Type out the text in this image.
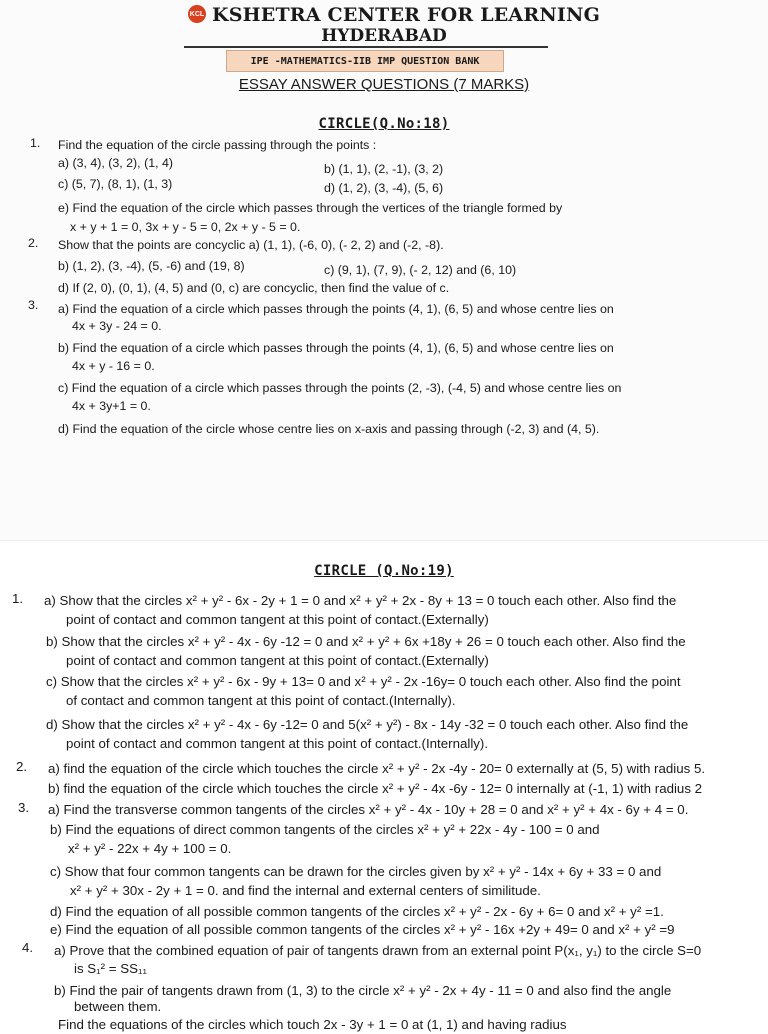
KCL KSHETRA CENTER FOR LEARNING
HYDERABAD
IPE -MATHEMATICS-IIB IMP QUESTION BANK
ESSAY ANSWER QUESTIONS (7 MARKS)
CIRCLE(Q.No:18)
1. Find the equation of the circle passing through the points :
a) (3, 4), (3, 2), (1, 4)	b) (1, 1), (2, -1), (3, 2)
c) (5, 7), (8, 1), (1, 3)	d) (1, 2), (3, -4), (5, 6)
e) Find the equation of the circle which passes through the vertices of the triangle formed by
x + y + 1 = 0, 3x + y - 5 = 0, 2x + y - 5 = 0.
2. Show that the points are concyclic a) (1, 1), (-6, 0), (- 2, 2) and (-2, -8).
b) (1, 2), (3, -4), (5, -6) and (19, 8)	c) (9, 1), (7, 9), (- 2, 12) and (6, 10)
d) If (2, 0), (0, 1), (4, 5) and (0, c) are concyclic, then find the value of c.
3. a) Find the equation of a circle which passes through the points (4, 1), (6, 5) and whose centre lies on
4x + 3y - 24 = 0.
b) Find the equation of a circle which passes through the points (4, 1), (6, 5) and whose centre lies on
4x + y - 16 = 0.
c) Find the equation of a circle which passes through the points (2, -3), (-4, 5) and whose centre lies on
4x + 3y+1 = 0.
d) Find the equation of the circle whose centre lies on x-axis and passing through (-2, 3) and (4, 5).
CIRCLE (Q.No:19)
1.
2.
3.
4.
a) Show that the circles x² + y² - 6x - 2y + 1 = 0 and x² + y² + 2x - 8y + 13 = 0 touch each other. Also find the
point of contact and common tangent at this point of contact.(Externally)
b) Show that the circles x² + y² - 4x - 6y -12 = 0 and x² + y² + 6x +18y + 26 = 0 touch each other. Also find the
point of contact and common tangent at this point of contact.(Externally)
c) Show that the circles x² + y² - 6x - 9y + 13= 0 and x² + y² - 2x -16y= 0 touch each other. Also find the point
of contact and common tangent at this point of contact.(Internally).
d) Show that the circles x² + y² - 4x - 6y -12= 0 and 5(x² + y²) - 8x - 14y -32 = 0 touch each other. Also find the
point of contact and common tangent at this point of contact.(Internally).
a) find the equation of the circle which touches the circle x² + y² - 2x -4y - 20= 0 externally at (5, 5) with radius 5.
b) find the equation of the circle which touches the circle x² + y² - 4x -6y - 12= 0 internally at (-1, 1) with radius 2
a) Find the transverse common tangents of the circles x² + y² - 4x - 10y + 28 = 0 and x² + y² + 4x - 6y + 4 = 0.
b) Find the equations of direct common tangents of the circles x² + y² + 22x - 4y - 100 = 0 and
x² + y² - 22x + 4y + 100 = 0.
c) Show that four common tangents can be drawn for the circles given by x² + y² - 14x + 6y + 33 = 0 and
x² + y² + 30x - 2y + 1 = 0. and find the internal and external centers of similitude.
d) Find the equation of all possible common tangents of the circles x² + y² - 2x - 6y + 6= 0 and x² + y² =1.
e) Find the equation of all possible common tangents of the circles x² + y² - 16x +2y + 49= 0 and x² + y² =9
a) Prove that the combined equation of pair of tangents drawn from an external point P(x₁, y₁) to the circle S=0
is S₁² = SS₁₁
b) Find the pair of tangents drawn from (1, 3) to the circle x² + y² - 2x + 4y - 11 = 0 and also find the angle
between them.
Find the equations of the circles which touch 2x - 3y + 1 = 0 at (1, 1) and having radius
